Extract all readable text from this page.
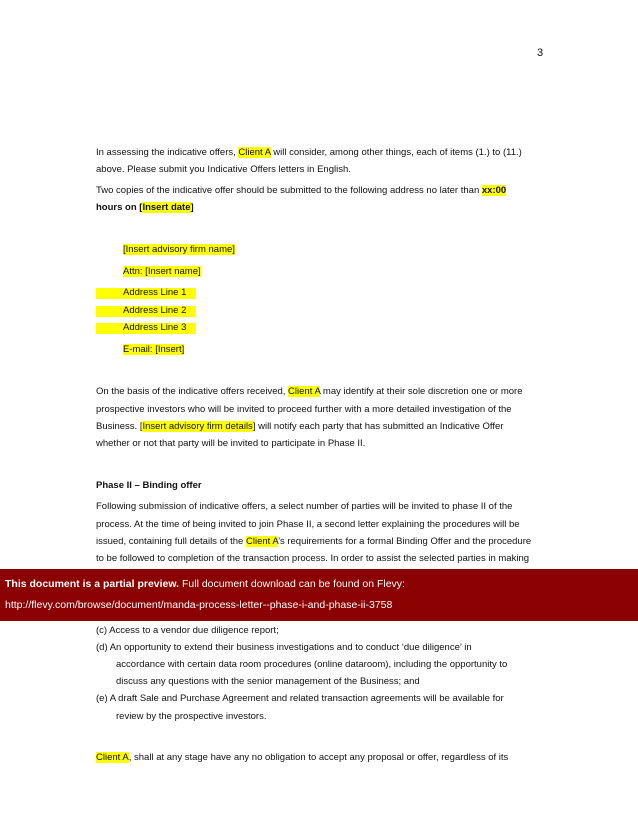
3
In assessing the indicative offers, Client A will consider, among other things, each of items (1.) to (11.)
above. Please submit you Indicative Offers letters in English.
Two copies of the indicative offer should be submitted to the following address no later than xx:00
hours on [Insert date]
[Insert advisory firm name]
Attn: [Insert name]
Address Line 1
Address Line 2
Address Line 3
E-mail: [Insert]
On the basis of the indicative offers received, Client A may identify at their sole discretion one or more
prospective investors who will be invited to proceed further with a more detailed investigation of the
Business. [Insert advisory firm details] will notify each party that has submitted an Indicative Offer
whether or not that party will be invited to participate in Phase II.
Phase II – Binding offer
Following submission of indicative offers, a select number of parties will be invited to phase II of the
process. At the time of being invited to join Phase II, a second letter explaining the procedures will be
issued, containing full details of the Client A’s requirements for a formal Binding Offer and the procedure
to be followed to completion of the transaction process. In order to assist the selected parties in making
This document is a partial preview. Full document download can be found on Flevy:
http://flevy.com/browse/document/manda-process-letter--phase-i-and-phase-ii-3758
(c) Access to a vendor due diligence report;
(d) An opportunity to extend their business investigations and to conduct ‘due diligence’ in
accordance with certain data room procedures (online dataroom), including the opportunity to
discuss any questions with the senior management of the Business; and
(e) A draft Sale and Purchase Agreement and related transaction agreements will be available for
review by the prospective investors.
Client A, shall at any stage have any no obligation to accept any proposal or offer, regardless of its
